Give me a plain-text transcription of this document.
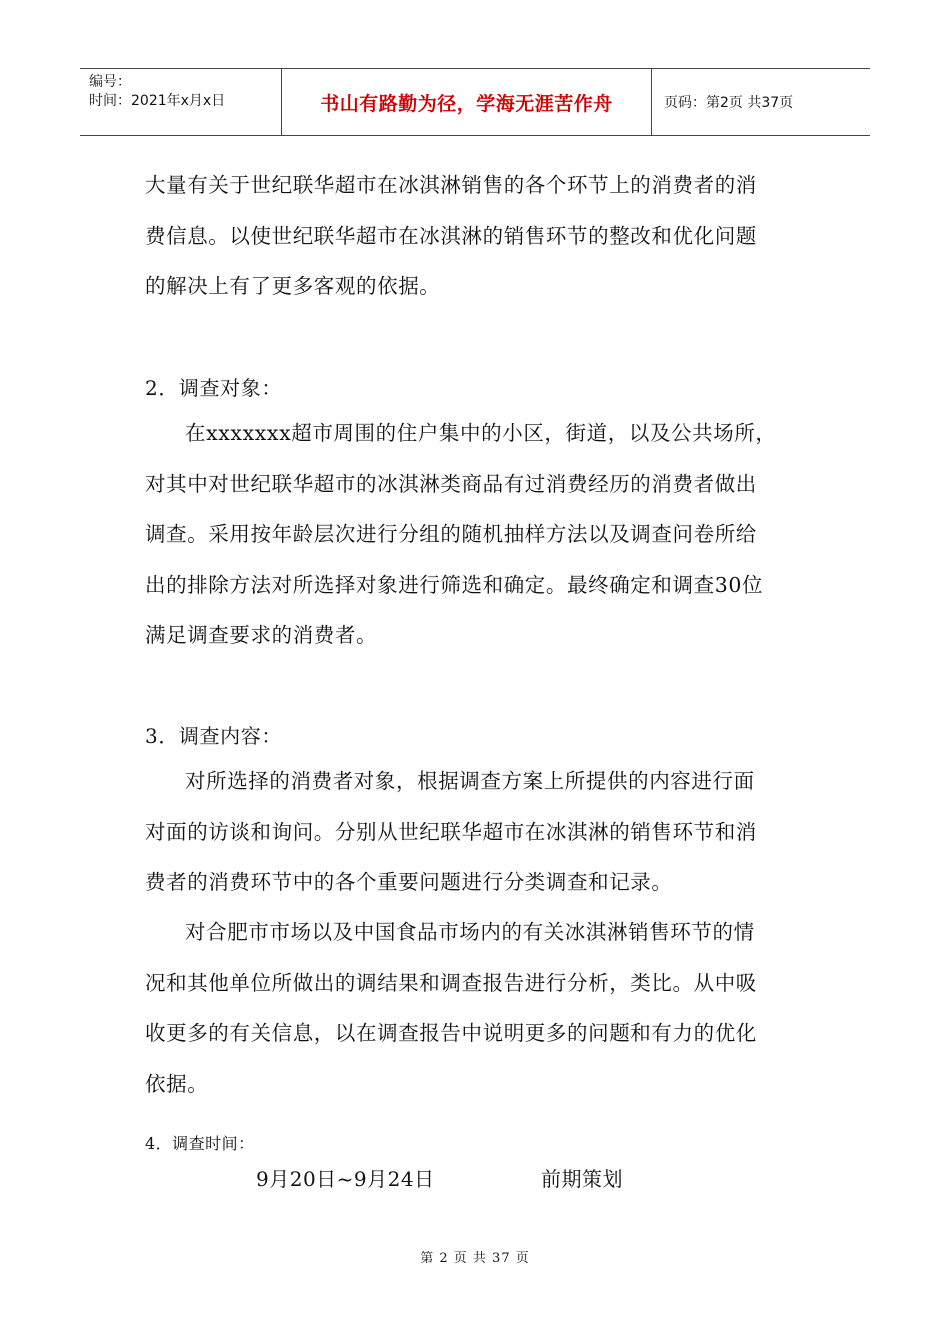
编号：
时间：2021年x月x日	书山有路勤为径，学海无涯苦作舟	页码：第2页 共37页

大量有关于世纪联华超市在冰淇淋销售的各个环节上的消费者的消
费信息。以使世纪联华超市在冰淇淋的销售环节的整改和优化问题
的解决上有了更多客观的依据。

2．调查对象：

在xxxxxxx超市周围的住户集中的小区，街道，以及公共场所，
对其中对世纪联华超市的冰淇淋类商品有过消费经历的消费者做出
调查。采用按年龄层次进行分组的随机抽样方法以及调查问卷所给
出的排除方法对所选择对象进行筛选和确定。最终确定和调查30位
满足调查要求的消费者。

3．调查内容：

对所选择的消费者对象，根据调查方案上所提供的内容进行面
对面的访谈和询问。分别从世纪联华超市在冰淇淋的销售环节和消
费者的消费环节中的各个重要问题进行分类调查和记录。

对合肥市市场以及中国食品市场内的有关冰淇淋销售环节的情
况和其他单位所做出的调结果和调查报告进行分析，类比。从中吸
收更多的有关信息，以在调查报告中说明更多的问题和有力的优化
依据。

4．调查时间：
9月20日~9月24日	前期策划
第 2 页 共 37 页
